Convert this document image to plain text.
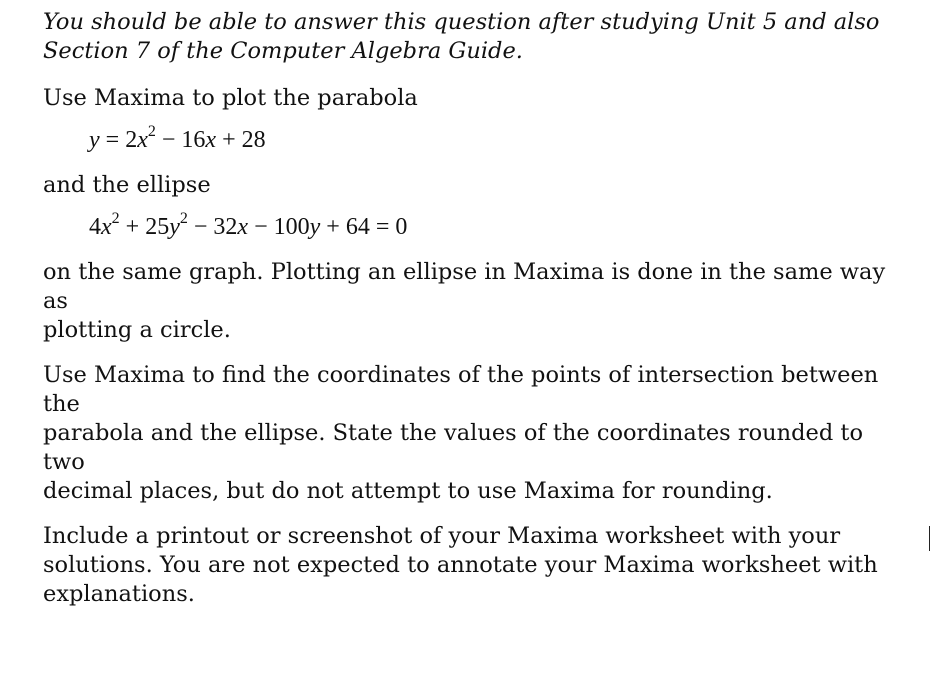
You should be able to answer this question after studying Unit 5 and also
Section 7 of the Computer Algebra Guide.

Use Maxima to plot the parabola

$y = 2x^2 - 16x + 28$

and the ellipse

$4x^2 + 25y^2 - 32x - 100y + 64 = 0$

on the same graph. Plotting an ellipse in Maxima is done in the same way as
plotting a circle.

Use Maxima to find the coordinates of the points of intersection between the
parabola and the ellipse. State the values of the coordinates rounded to two
decimal places, but do not attempt to use Maxima for rounding.

Include a printout or screenshot of your Maxima worksheet with your
solutions. You are not expected to annotate your Maxima worksheet with
explanations.
